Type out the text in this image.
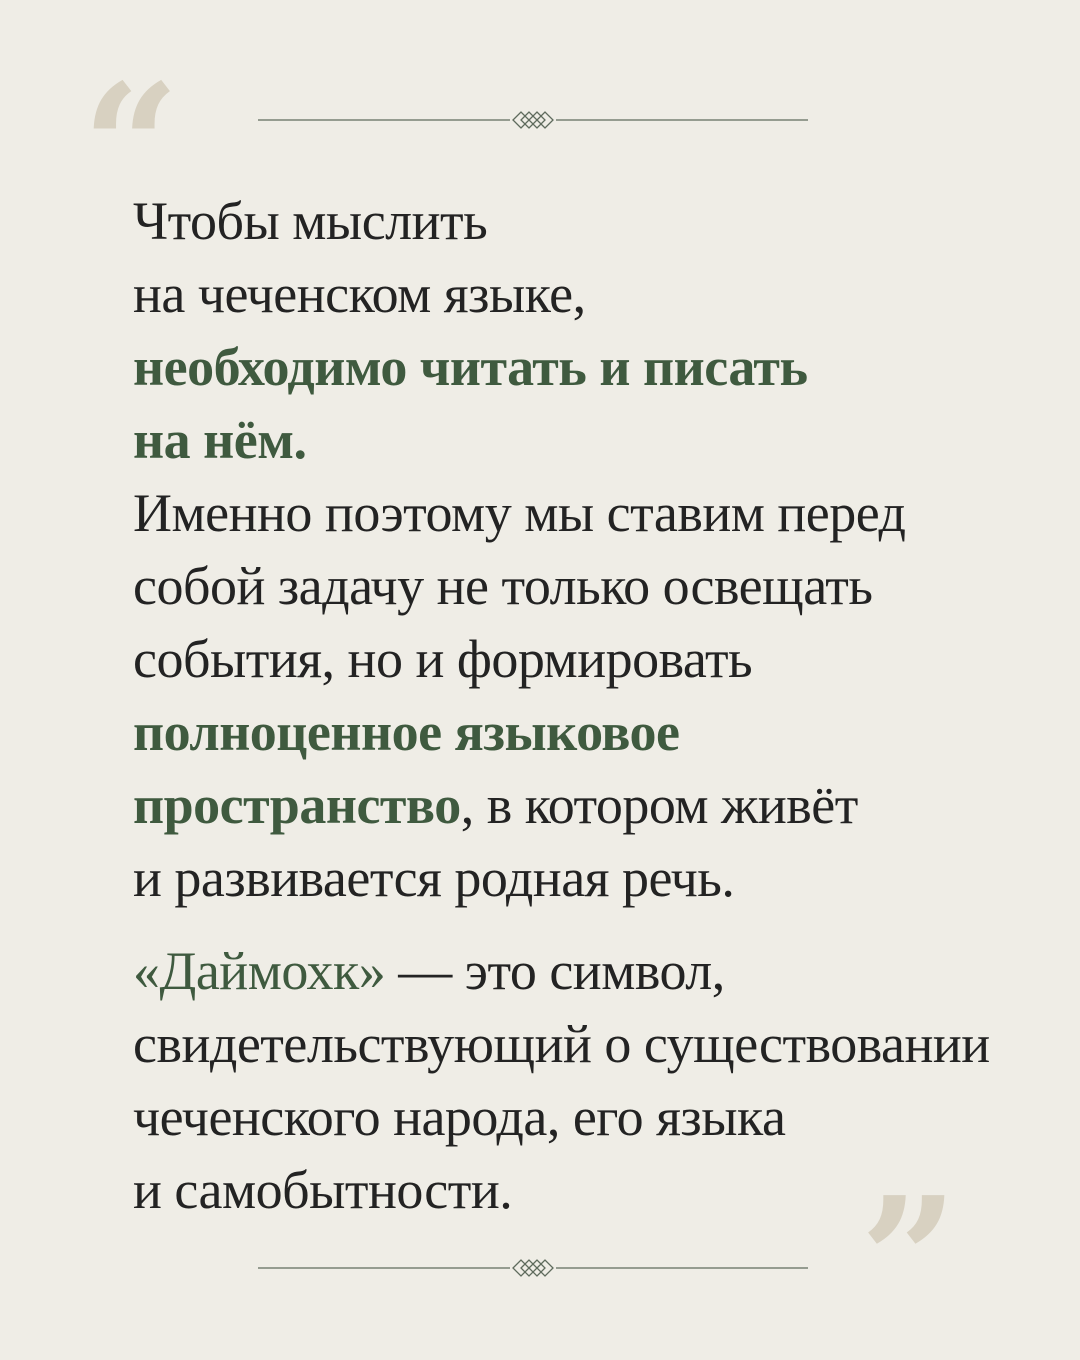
“

Чтобы мыслить
на чеченском языке,
необходимо читать и писать
на нём.
Именно поэтому мы ставим перед
собой задачу не только освещать
события, но и формировать
полноценное языковое
пространство, в котором живёт
и развивается родная речь.

«Даймохк» — это символ,
свидетельствующий о существовании
чеченского народа, его языка
и самобытности.	”
